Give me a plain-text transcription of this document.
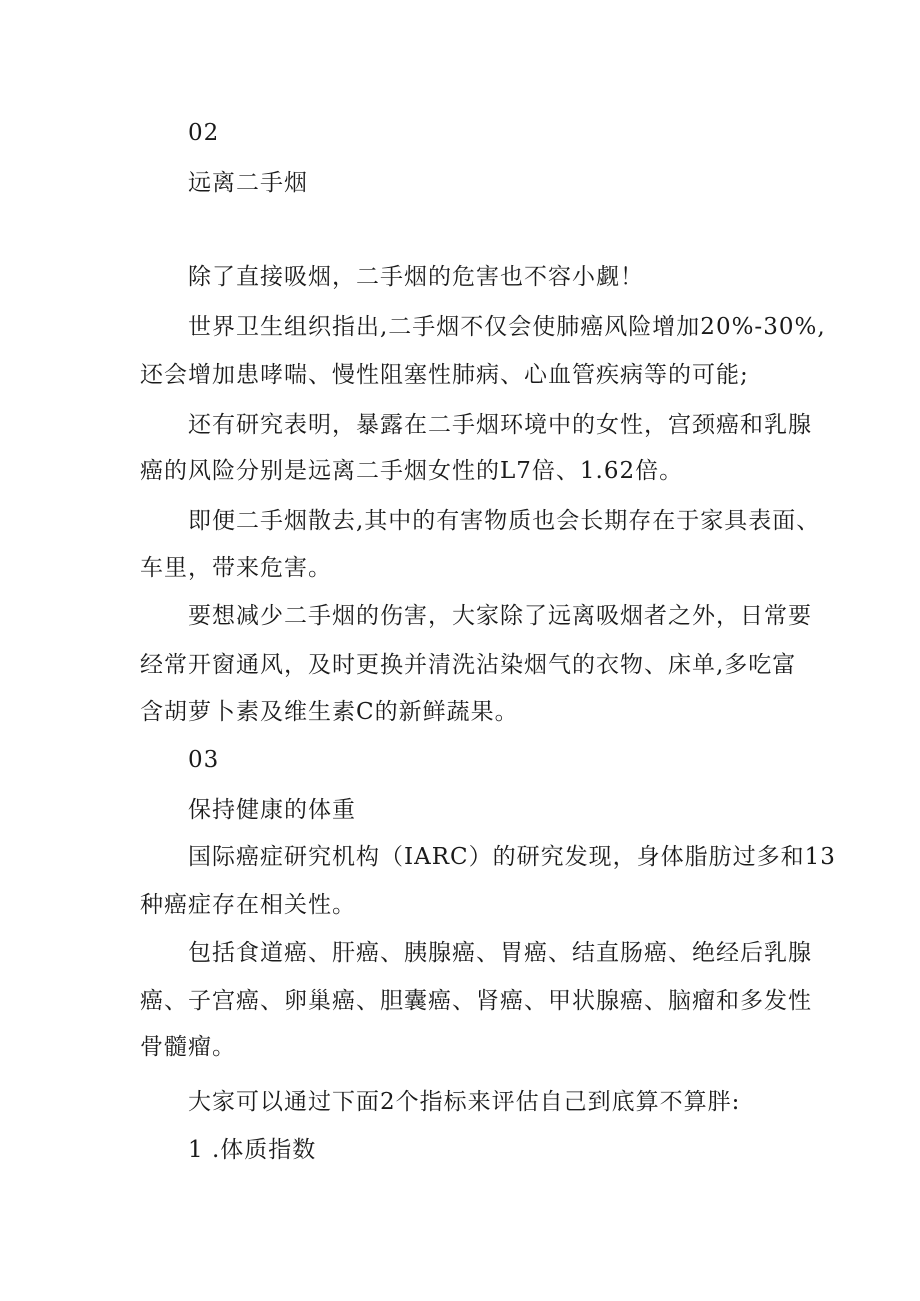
02
远离二手烟
除了直接吸烟，二手烟的危害也不容小觑！
世界卫生组织指出,二手烟不仅会使肺癌风险增加20%-30%,
还会增加患哮喘、慢性阻塞性肺病、心血管疾病等的可能;
还有研究表明，暴露在二手烟环境中的女性，宫颈癌和乳腺
癌的风险分别是远离二手烟女性的L7倍、1.62倍。
即便二手烟散去,其中的有害物质也会长期存在于家具表面、
车里，带来危害。
要想减少二手烟的伤害，大家除了远离吸烟者之外，日常要
经常开窗通风，及时更换并清洗沾染烟气的衣物、床单,多吃富
含胡萝卜素及维生素C的新鲜蔬果。
03
保持健康的体重
国际癌症研究机构（IARC）的研究发现，身体脂肪过多和13
种癌症存在相关性。
包括食道癌、肝癌、胰腺癌、胃癌、结直肠癌、绝经后乳腺
癌、子宫癌、卵巢癌、胆囊癌、肾癌、甲状腺癌、脑瘤和多发性
骨髓瘤。
大家可以通过下面2个指标来评估自己到底算不算胖:
1 .体质指数
